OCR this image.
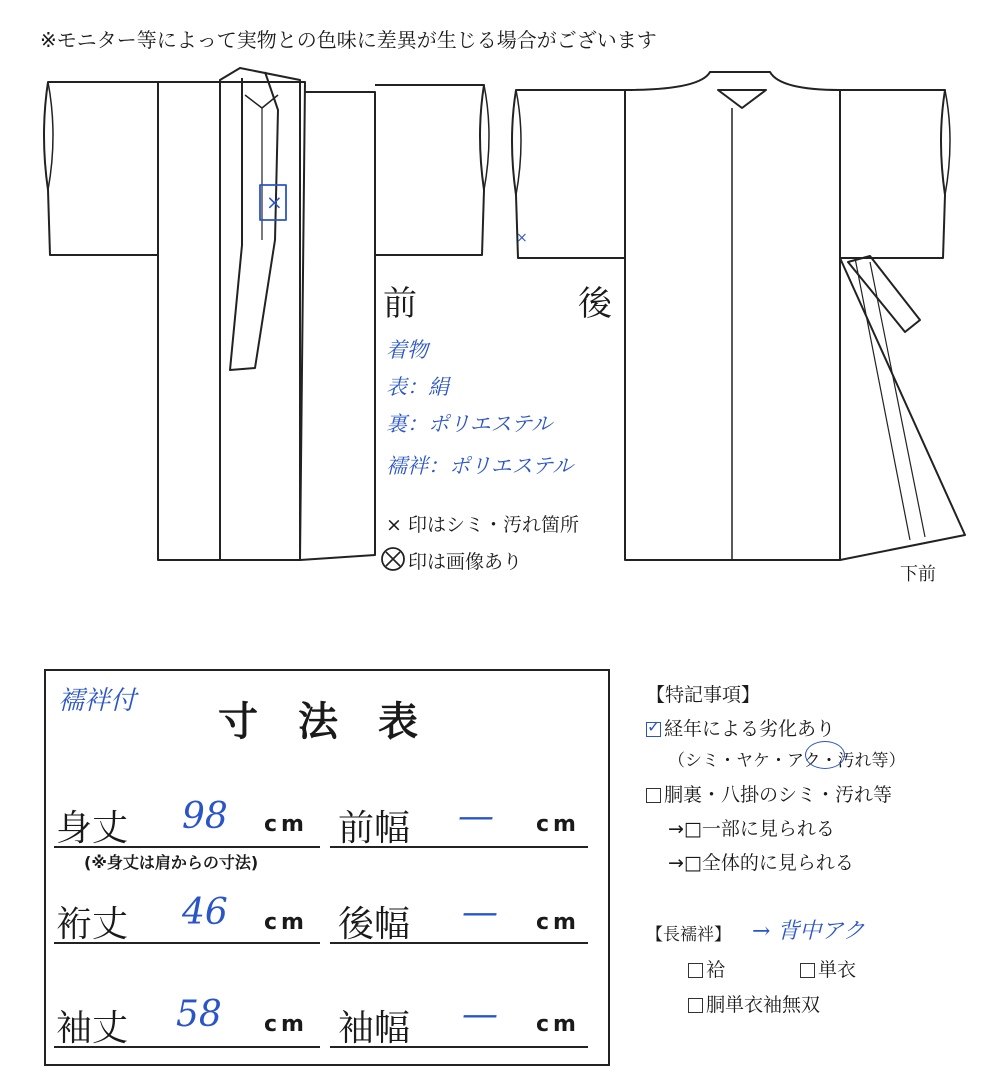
※モニター等によって実物との色味に差異が生じる場合がございます
×
×
前	後
下前
着物
表：絹
裏：ポリエステル
襦袢：ポリエステル
× 印はシミ・汚れ箇所
印は画像あり
襦袢付 寸　法　表
身丈 98 cm
(※身丈は肩からの寸法)
前幅 — cm
裄丈 46 cm 後幅 — cm
袖丈 58 cm 袖幅 — cm
【特記事項】
✓ 経年による劣化あり
（シミ・ヤケ・アク・汚れ等）
胴裏・八掛のシミ・汚れ等
→□一部に見られる
→□全体的に見られる
【長襦袢】 → 背中アク
袷	単衣
胴単衣袖無双
